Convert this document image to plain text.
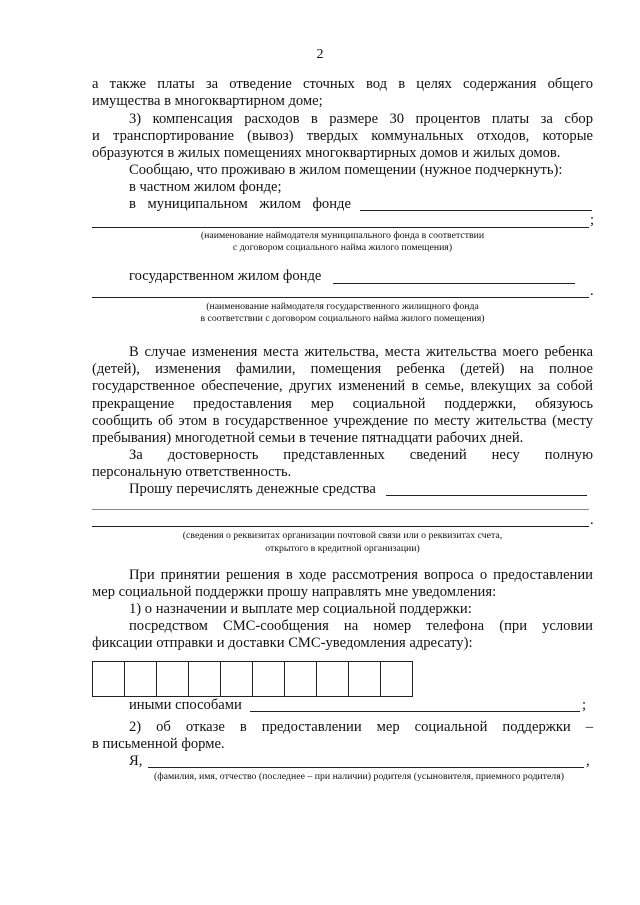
2
а также платы за отведение сточных вод в целях содержания общего
имущества в многоквартирном доме;
3) компенсация расходов в размере 30 процентов платы за сбор
и транспортирование (вывоз) твердых коммунальных отходов, которые
образуются в жилых помещениях многоквартирных домов и жилых домов.
Сообщаю, что проживаю в жилом помещении (нужное подчеркнуть):
в частном жилом фонде;
в муниципальном жилом фонде
;
(наименование наймодателя муниципального фонда в соответствии
с договором социального найма жилого помещения)
государственном жилом фонде
.
(наименование наймодателя государственного жилищного фонда
в соответствии с договором социального найма жилого помещения)
В случае изменения места жительства, места жительства моего ребенка
(детей), изменения фамилии, помещения ребенка (детей) на полное
государственное обеспечение, других изменений в семье, влекущих за собой
прекращение предоставления мер социальной поддержки, обязуюсь
сообщить об этом в государственное учреждение по месту жительства (месту
пребывания) многодетной семьи в течение пятнадцати рабочих дней.
За достоверность представленных сведений несу полную
персональную ответственность.
Прошу перечислять денежные средства
.
(сведения о реквизитах организации почтовой связи или о реквизитах счета,
открытого в кредитной организации)
При принятии решения в ходе рассмотрения вопроса о предоставлении
мер социальной поддержки прошу направлять мне уведомления:
1) о назначении и выплате мер социальной поддержки:
посредством СМС-сообщения на номер телефона (при условии
фиксации отправки и доставки СМС-уведомления адресату):
иными способами	;
2) об отказе в предоставлении мер социальной поддержки –
в письменной форме.
Я,	,
(фамилия, имя, отчество (последнее – при наличии) родителя (усыновителя, приемного родителя)
